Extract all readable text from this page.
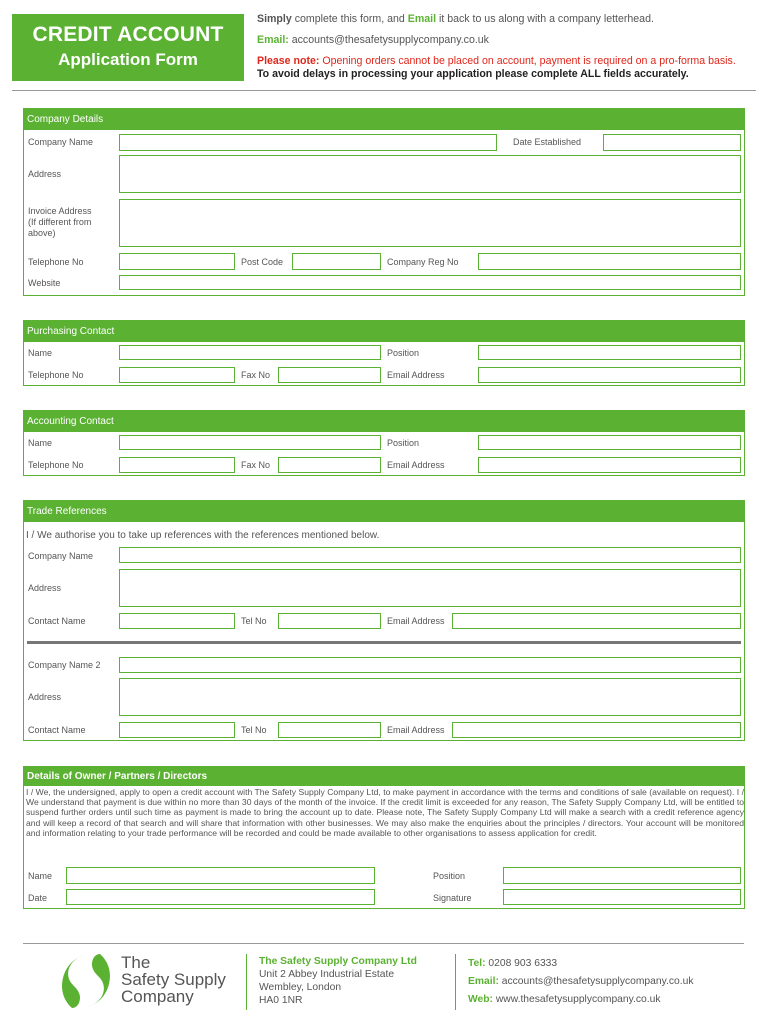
CREDIT ACCOUNT
Application Form
Simply complete this form, and Email it back to us along with a company letterhead.
Email: accounts@thesafetysupplycompany.co.uk
Please note: Opening orders cannot be placed on account, payment is required on a pro-forma basis. To avoid delays in processing your application please complete ALL fields accurately.
Company Details
Company Name	Date Established
Address
Invoice Address
(If different from
above)
Telephone No	Post Code	Company Reg No
Website
Purchasing Contact
Name	Position
Telephone No	Fax No	Email Address
Accounting Contact
Name	Position
Telephone No	Fax No	Email Address
Trade References
I / We authorise you to take up references with the references mentioned below.
Company Name
Address
Contact Name	Tel No	Email Address
Company Name 2
Address
Contact Name	Tel No	Email Address
Details of Owner / Partners / Directors
I / We, the undersigned, apply to open a credit account with The Safety Supply Company Ltd, to make payment in accordance with the terms and conditions of sale (available on request). I / We understand that payment is due within no more than 30 days of the month of the invoice. If the credit limit is exceeded for any reason, The Safety Supply Company Ltd, will be entitled to suspend further orders until such time as payment is made to bring the account up to date. Please note, The Safety Supply Company Ltd will make a search with a credit reference agency and will keep a record of that search and will share that information with other businesses. We may also make the enquiries about the principles / directors. Your account will be monitored and information relating to your trade performance will be recorded and could be made available to other organisations to assess application for credit.
Name	Position
Date	Signature
The
Safety Supply
Company
The Safety Supply Company Ltd
Unit 2 Abbey Industrial Estate
Wembley, London
HA0 1NR
Tel: 0208 903 6333
Email: accounts@thesafetysupplycompany.co.uk
Web: www.thesafetysupplycompany.co.uk
